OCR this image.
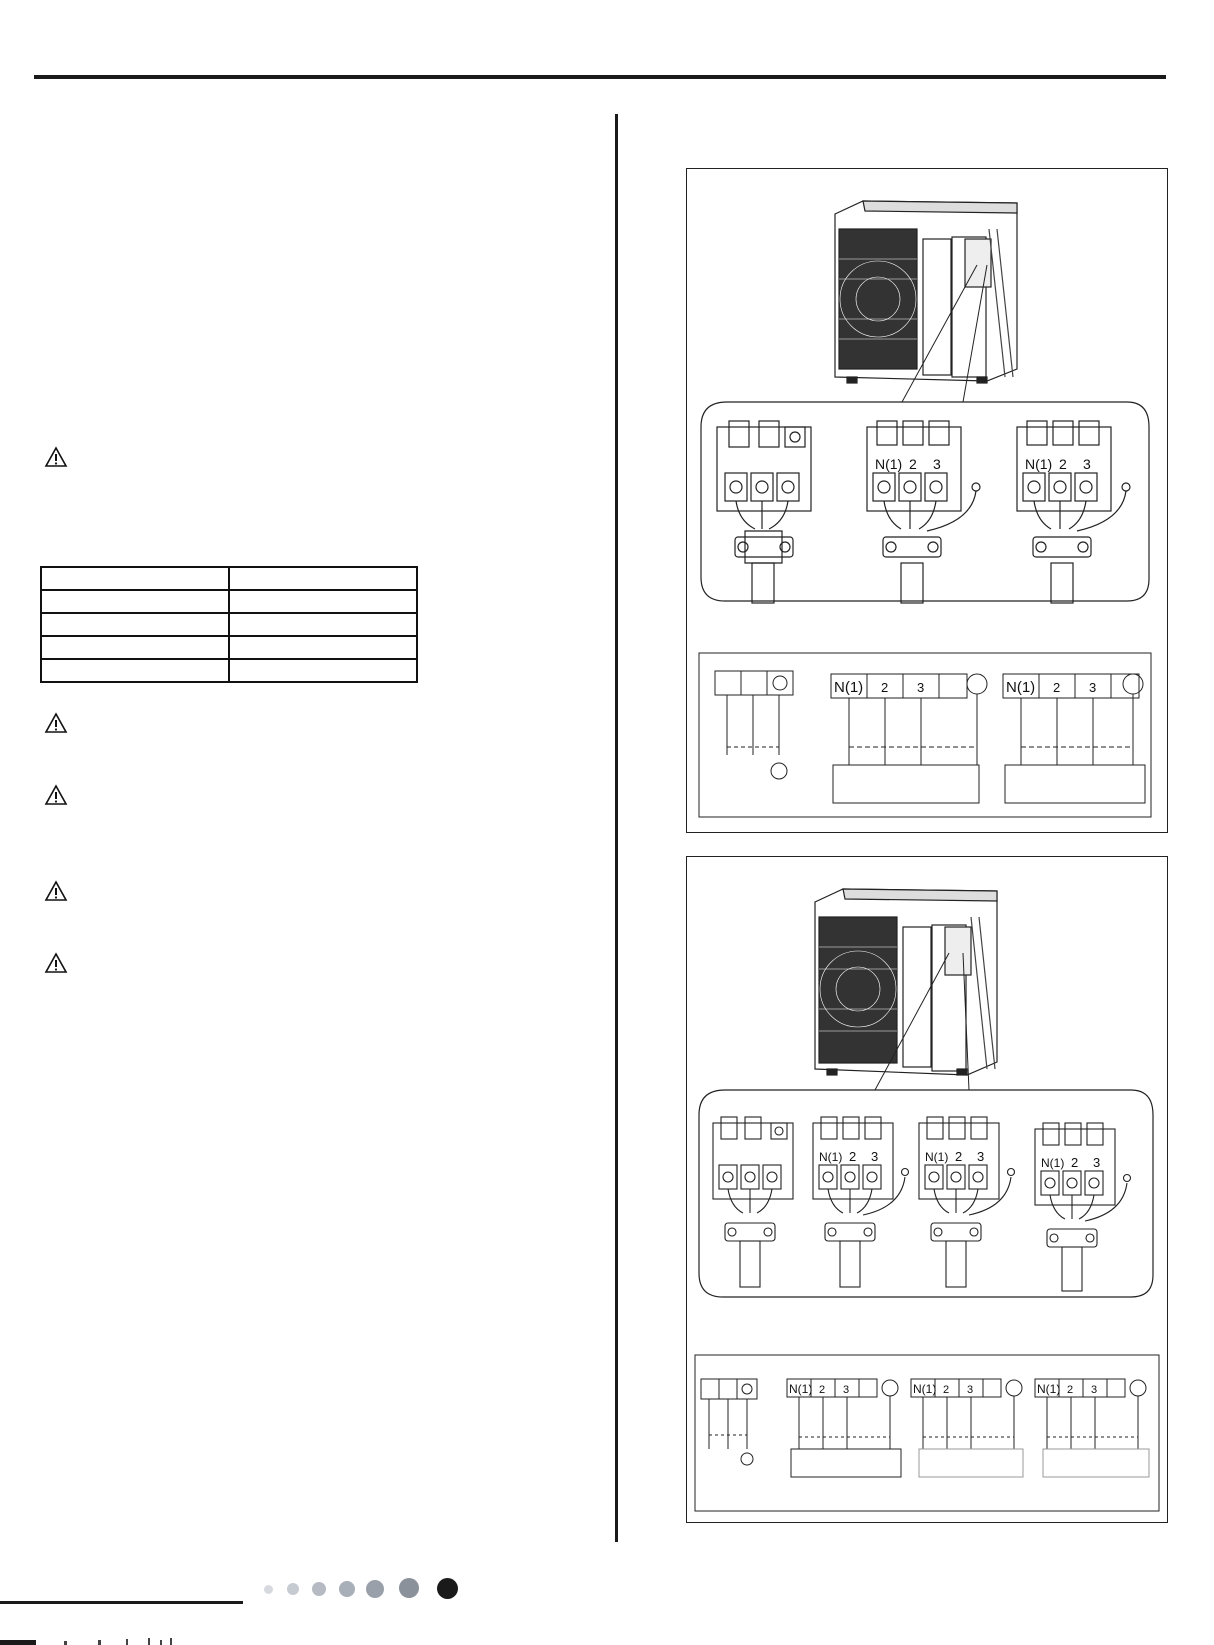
N(1) 2 3	N(1) 2 3
N(1) 2 3	N(1) 2 3
N(1) 2 3	N(1) 2 3	N(1) 2 3
N(1) 2 3	N(1) 2 3	N(1) 2 3
